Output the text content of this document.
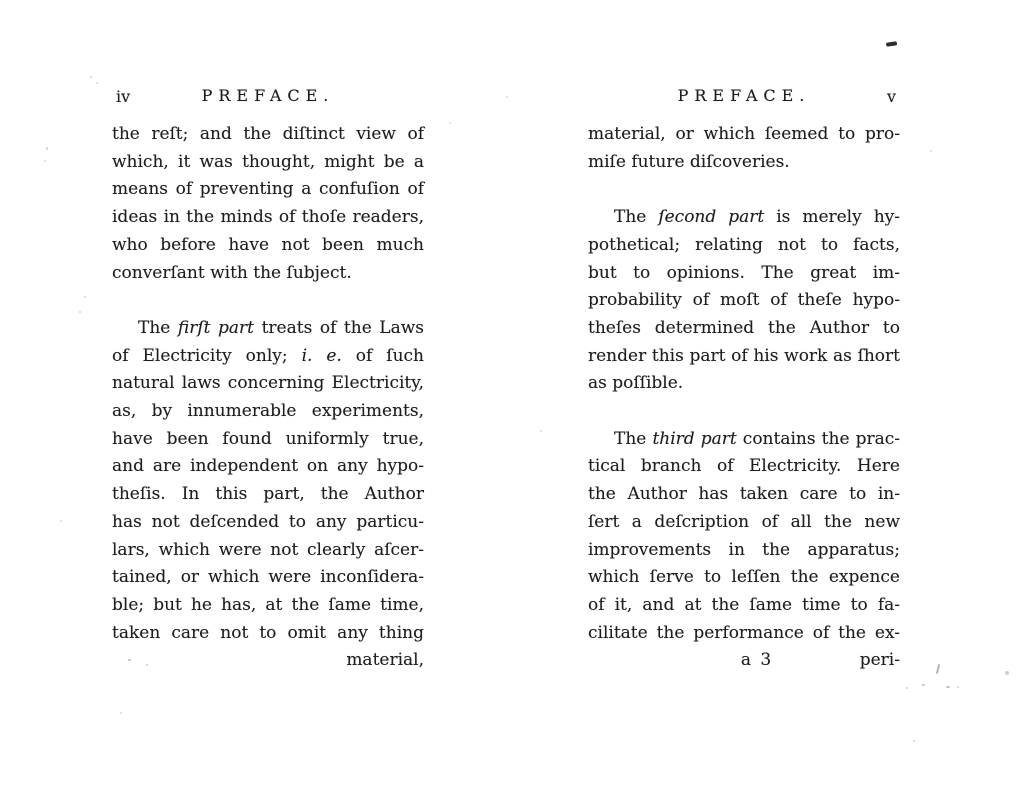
iv	PREFACE.
the reſt; and the diſtinct view of
which, it was thought, might be a
means of preventing a confuſion of
ideas in the minds of thoſe readers,
who before have not been much
converſant with the ſubject.
The firſt part treats of the Laws
of Electricity only; i. e. of ſuch
natural laws concerning Electricity,
as, by innumerable experiments,
have been found uniformly true,
and are independent on any hypo-
theſis. In this part, the Author
has not deſcended to any particu-
lars, which were not clearly aſcer-
tained, or which were inconſidera-
ble; but he has, at the ſame time,
taken care not to omit any thing
material,
PREFACE.	v
material, or which ſeemed to pro-
miſe future diſcoveries.
The ſecond part is merely hy-
pothetical; relating not to facts,
but to opinions. The great im-
probability of moſt of theſe hypo-
theſes determined the Author to
render this part of his work as ſhort
as poſſible.
The third part contains the prac-
tical branch of Electricity. Here
the Author has taken care to in-
ſert a deſcription of all the new
improvements in the apparatus;
which ſerve to leſſen the expence
of it, and at the ſame time to fa-
cilitate the performance of the ex-
a 3	peri-
